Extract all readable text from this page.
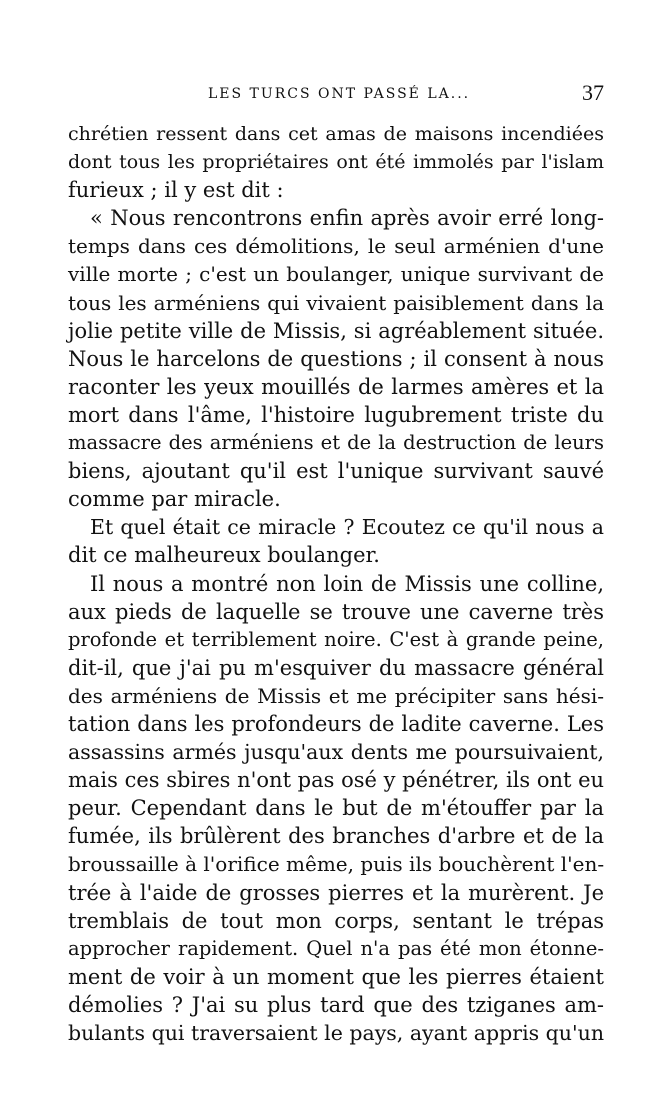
LES TURCS ONT PASSÉ LA...	37
chrétien ressent dans cet amas de maisons incendiées
dont tous les propriétaires ont été immolés par l'islam
furieux ; il y est dit :
« Nous rencontrons enfin après avoir erré long-
temps dans ces démolitions, le seul arménien d'une
ville morte ; c'est un boulanger, unique survivant de
tous les arméniens qui vivaient paisiblement dans la
jolie petite ville de Missis, si agréablement située.
Nous le harcelons de questions ; il consent à nous
raconter les yeux mouillés de larmes amères et la
mort dans l'âme, l'histoire lugubrement triste du
massacre des arméniens et de la destruction de leurs
biens, ajoutant qu'il est l'unique survivant sauvé
comme par miracle.
Et quel était ce miracle ? Ecoutez ce qu'il nous a
dit ce malheureux boulanger.
Il nous a montré non loin de Missis une colline,
aux pieds de laquelle se trouve une caverne très
profonde et terriblement noire. C'est à grande peine,
dit-il, que j'ai pu m'esquiver du massacre général
des arméniens de Missis et me précipiter sans hési-
tation dans les profondeurs de ladite caverne. Les
assassins armés jusqu'aux dents me poursuivaient,
mais ces sbires n'ont pas osé y pénétrer, ils ont eu
peur. Cependant dans le but de m'étouffer par la
fumée, ils brûlèrent des branches d'arbre et de la
broussaille à l'orifice même, puis ils bouchèrent l'en-
trée à l'aide de grosses pierres et la murèrent. Je
tremblais de tout mon corps, sentant le trépas
approcher rapidement. Quel n'a pas été mon étonne-
ment de voir à un moment que les pierres étaient
démolies ? J'ai su plus tard que des tziganes am-
bulants qui traversaient le pays, ayant appris qu'un
